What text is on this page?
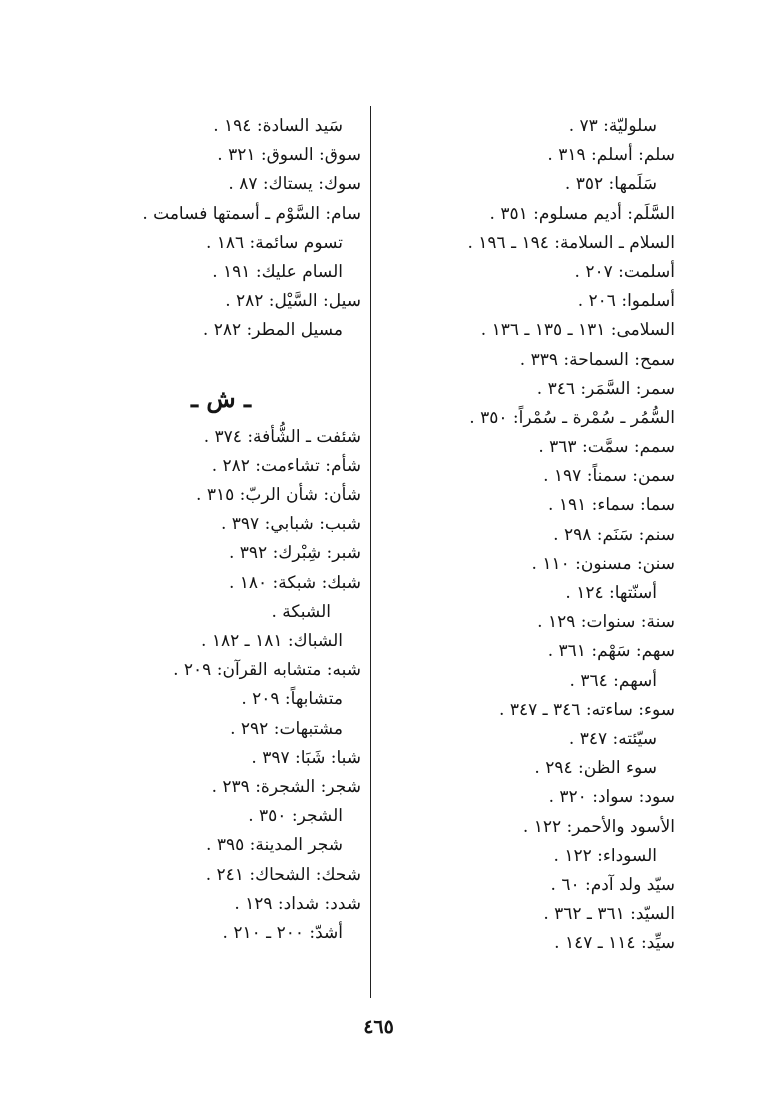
سلوليّة: ٧٣ .
سلم: أسلم: ٣١٩ .
سَلَمها: ٣٥٢ .
السَّلَم: أديم مسلوم: ٣٥١ .
السلام ـ السلامة: ١٩٤ ـ ١٩٦ .
أسلمت: ٢٠٧ .
أسلموا: ٢٠٦ .
السلامى: ١٣١ ـ ١٣٥ ـ ١٣٦ .
سمح: السماحة: ٣٣٩ .
سمر: السَّمَر: ٣٤٦ .
السُّمُر ـ سُمْرة ـ سُمْراً: ٣٥٠ .
سمم: سمَّت: ٣٦٣ .
سمن: سمناً: ١٩٧ .
سما: سماء: ١٩١ .
سنم: سَنَم: ٢٩٨ .
سنن: مسنون: ١١٠ .
أسنّتها: ١٢٤ .
سنة: سنوات: ١٢٩ .
سهم: سَهْم: ٣٦١ .
أسهم: ٣٦٤ .
سوء: ساءته: ٣٤٦ ـ ٣٤٧ .
سيّئته: ٣٤٧ .
سوء الظن: ٢٩٤ .
سود: سواد: ٣٢٠ .
الأسود والأحمر: ١٢٢ .
السوداء: ١٢٢ .
سيّد ولد آدم: ٦٠ .
السيّد: ٣٦١ ـ ٣٦٢ .
سيِّد: ١١٤ ـ ١٤٧ .
سَيد السادة: ١٩٤ .
سوق: السوق: ٣٢١ .
سوك: يستاك: ٨٧ .
سام: السَّوْم ـ أسمتها فسامت .
تسوم سائمة: ١٨٦ .
السام عليك: ١٩١ .
سيل: السَّيْل: ٢٨٢ .
مسيل المطر: ٢٨٢ .
ـ ش ـ
شئفت ـ الشُّأفة: ٣٧٤ .
شأم: تشاءمت: ٢٨٢ .
شأن: شأن الربّ: ٣١٥ .
شبب: شبابي: ٣٩٧ .
شبر: شِبْرك: ٣٩٢ .
شبك: شبكة: ١٨٠ .
الشبكة .
الشباك: ١٨١ ـ ١٨٢ .
شبه: متشابه القرآن: ٢٠٩ .
متشابهاً: ٢٠٩ .
مشتبهات: ٢٩٢ .
شبا: شَبَا: ٣٩٧ .
شجر: الشجرة: ٢٣٩ .
الشجر: ٣٥٠ .
شجر المدينة: ٣٩٥ .
شحك: الشحاك: ٢٤١ .
شدد: شداد: ١٢٩ .
أشدّ: ٢٠٠ ـ ٢١٠ .
٤٦٥
